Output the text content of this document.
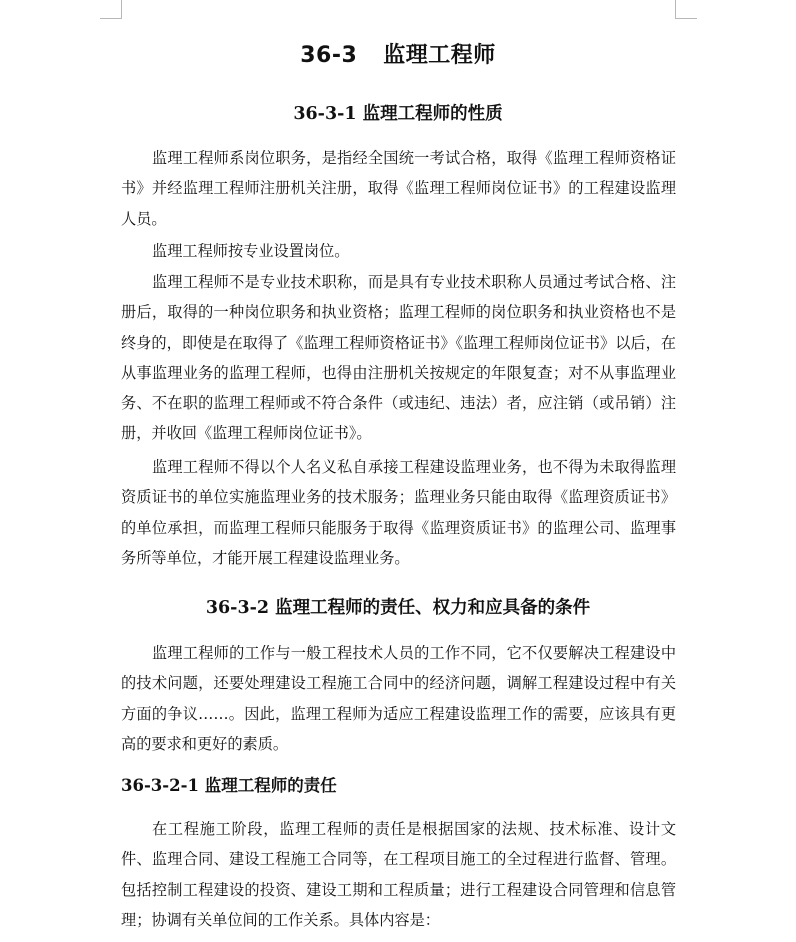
36-3 监理工程师
36-3-1 监理工程师的性质

监理工程师系岗位职务，是指经全国统一考试合格，取得《监理工程师资格证书》并经监理工程师注册机关注册，取得《监理工程师岗位证书》的工程建设监理人员。

监理工程师按专业设置岗位。

监理工程师不是专业技术职称，而是具有专业技术职称人员通过考试合格、注册后，取得的一种岗位职务和执业资格；监理工程师的岗位职务和执业资格也不是终身的，即使是在取得了《监理工程师资格证书》《监理工程师岗位证书》以后，在从事监理业务的监理工程师，也得由注册机关按规定的年限复查；对不从事监理业务、不在职的监理工程师或不符合条件（或违纪、违法）者，应注销（或吊销）注册，并收回《监理工程师岗位证书》。

监理工程师不得以个人名义私自承接工程建设监理业务，也不得为未取得监理资质证书的单位实施监理业务的技术服务；监理业务只能由取得《监理资质证书》的单位承担，而监理工程师只能服务于取得《监理资质证书》的监理公司、监理事务所等单位，才能开展工程建设监理业务。

36-3-2 监理工程师的责任、权力和应具备的条件

监理工程师的工作与一般工程技术人员的工作不同，它不仅要解决工程建设中的技术问题，还要处理建设工程施工合同中的经济问题，调解工程建设过程中有关方面的争议……。因此，监理工程师为适应工程建设监理工作的需要，应该具有更高的要求和更好的素质。

36-3-2-1 监理工程师的责任

在工程施工阶段，监理工程师的责任是根据国家的法规、技术标准、设计文件、监理合同、建设工程施工合同等，在工程项目施工的全过程进行监督、管理。包括控制工程建设的投资、建设工期和工程质量；进行工程建设合同管理和信息管理；协调有关单位间的工作关系。具体内容是：
